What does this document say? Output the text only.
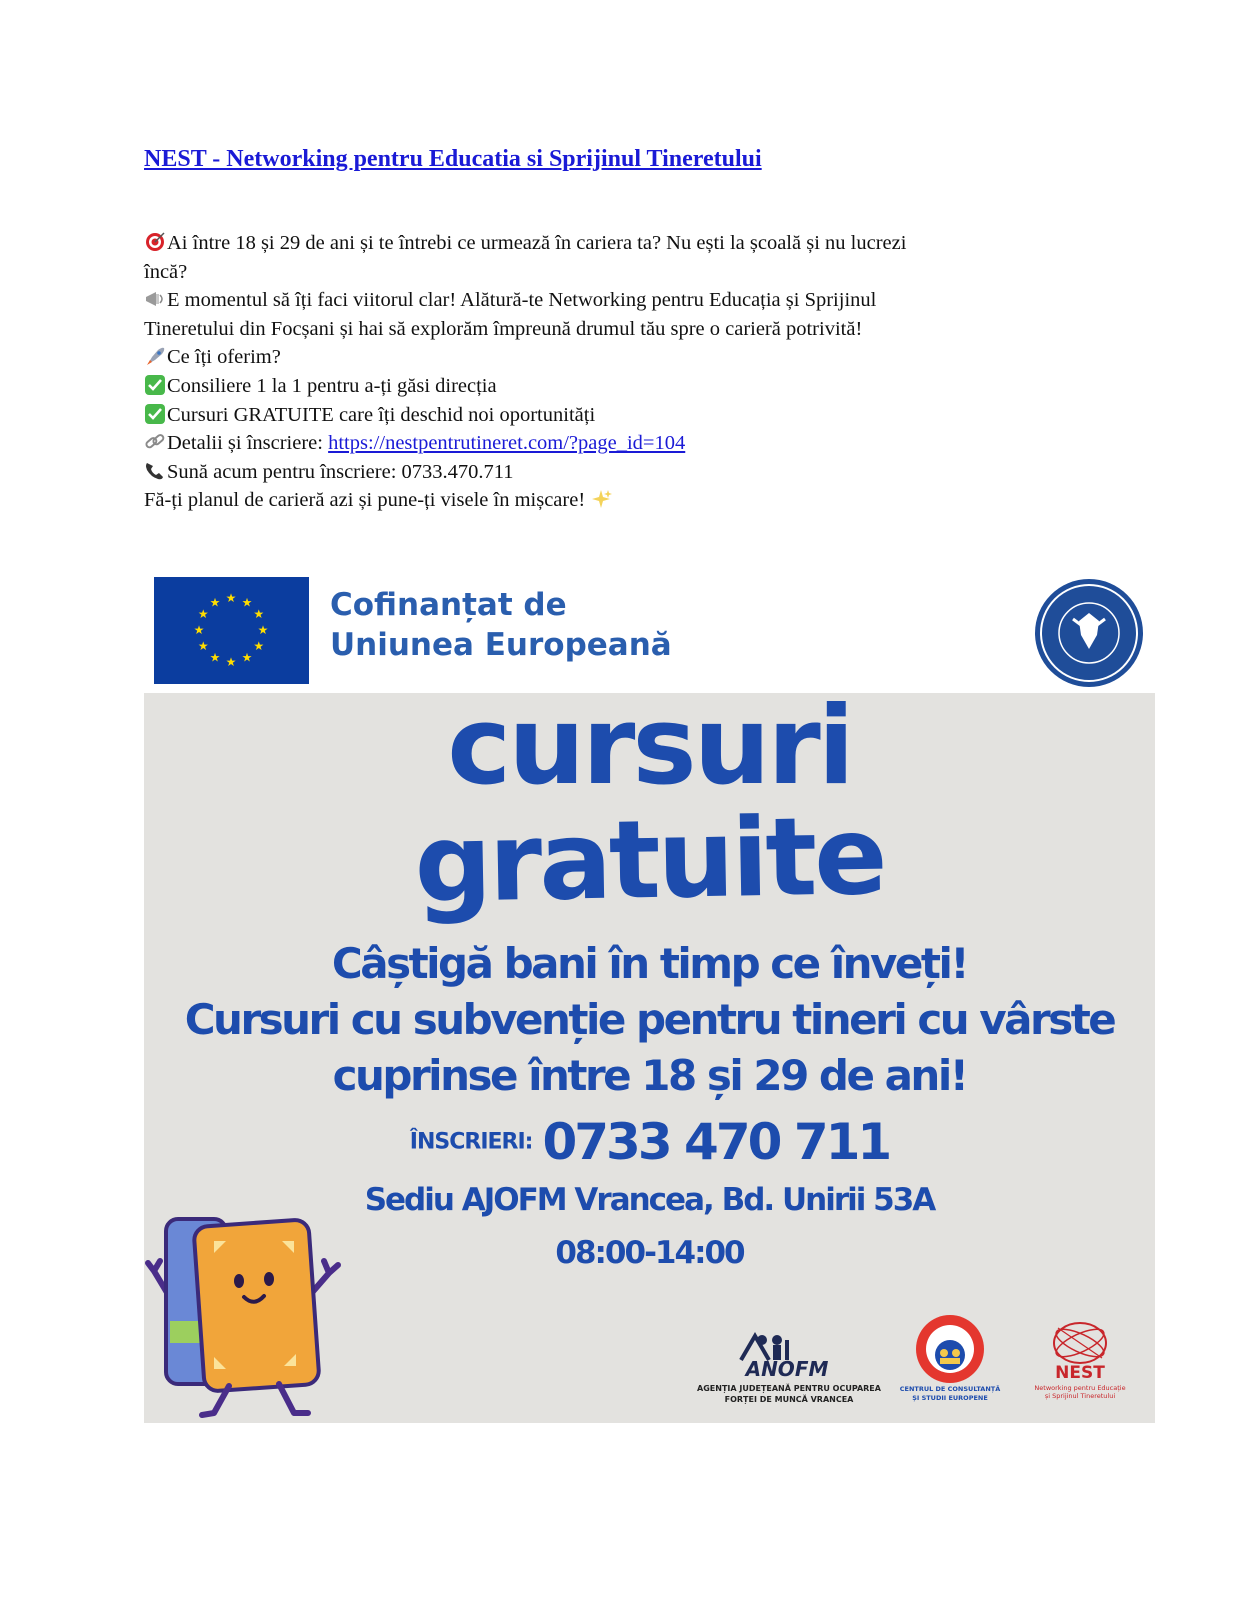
NEST - Networking pentru Educatia si Sprijinul Tineretului
Ai între 18 și 29 de ani și te întrebi ce urmează în cariera ta? Nu ești la școală și nu lucrezi
încă?
E momentul să îți faci viitorul clar! Alătură-te Networking pentru Educația și Sprijinul
Tineretului din Focșani și hai să explorăm împreună drumul tău spre o carieră potrivită!
Ce îți oferim?
Consiliere 1 la 1 pentru a-ți găsi direcția
Cursuri GRATUITE care îți deschid noi oportunități
Detalii și înscriere: https://nestpentrutineret.com/?page_id=104
Sună acum pentru înscriere: 0733.470.711
Fă-ți planul de carieră azi și pune-ți visele în mișcare!
★ ★
★
★
★
★
★
★
★
★
★
★	Cofinanțat de
Uniunea Europeană
cursuri
gratuite
Câștigă bani în timp ce înveți!
Cursuri cu subvenție pentru tineri cu vârste
cuprinse între 18 și 29 de ani!
ÎNSCRIERI: 0733 470 711
Sediu AJOFM Vrancea, Bd. Unirii 53A
08:00-14:00
ANOFM
AGENȚIA JUDEȚEANĂ PENTRU OCUPAREA
FORȚEI DE MUNCĂ VRANCEA
CENTRUL DE CONSULTANȚĂ
ȘI STUDII EUROPENE
NEST
Networking pentru Educație
și Sprijinul Tineretului
